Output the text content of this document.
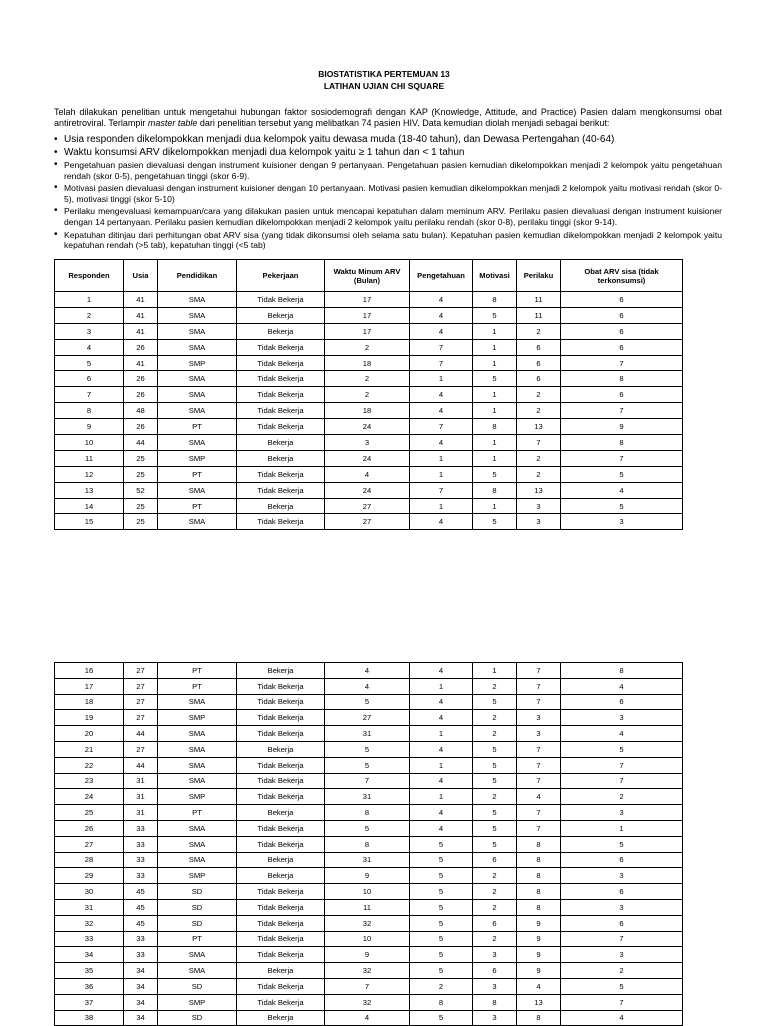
BIOSTATISTIKA PERTEMUAN 13
LATIHAN UJIAN CHI SQUARE
Telah dilakukan penelitian untuk mengetahui hubungan faktor sosiodemografi dengan KAP (Knowledge, Attitude, and Practice) Pasien dalam mengkonsumsi obat antiretroviral. Terlampir master table dari penelitian tersebut yang melibatkan 74 pasien HIV. Data kemudian diolah menjadi sebagai berikut:
• Usia responden dikelompokkan menjadi dua kelompok yaitu dewasa muda (18-40 tahun), dan Dewasa Pertengahan (40-64)
• Waktu konsumsi ARV dikelompokkan menjadi dua kelompok yaitu ≥ 1 tahun dan < 1 tahun
• Pengetahuan pasien dievaluasi dengan instrument kuisioner dengan 9 pertanyaan. Pengetahuan pasien kemudian dikelompokkan menjadi 2 kelompok yaitu pengetahuan rendah (skor 0-5), pengetahuan tinggi (skor 6-9).
• Motivasi pasien dievaluasi dengan instrument kuisioner dengan 10 pertanyaan. Motivasi pasien kemudian dikelompokkan menjadi 2 kelompok yaitu motivasi rendah (skor 0-5), motivasi tinggi (skor 5-10)
• Perilaku mengevaluasi kemampuan/cara yang dilakukan pasien untuk mencapai kepatuhan dalam meminum ARV. Perilaku pasien dievaluasi dengan instrument kuisioner dengan 14 pertanyaan. Perilaku pasien kemudian dikelompokkan menjadi 2 kelompok yaitu perilaku rendah (skor 0-8), perilaku tinggi (skor 9-14).
• Kepatuhan ditinjau dari perhitungan obat ARV sisa (yang tidak dikonsumsi oleh selama satu bulan). Kepatuhan pasien kemudian dikelompokkan menjadi 2 kelompok yaitu kepatuhan rendah (>5 tab), kepatuhan tinggi (<5 tab)
Responden	Usia	Pendidikan	Pekerjaan	Waktu Minum ARV (Bulan)	Pengetahuan	Motivasi	Perilaku	Obat ARV sisa (tidak terkonsumsi)
1	41	SMA	Tidak Bekerja	17	4	8	11	6
2	41	SMA	Bekerja	17	4	5	11	6
3	41	SMA	Bekerja	17	4	1	2	6
4	26	SMA	Tidak Bekerja	2	7	1	6	6
5	41	SMP	Tidak Bekerja	18	7	1	6	7
6	26	SMA	Tidak Bekerja	2	1	5	6	8
7	26	SMA	Tidak Bekerja	2	4	1	2	6
8	48	SMA	Tidak Bekerja	18	4	1	2	7
9	26	PT	Tidak Bekerja	24	7	8	13	9
10	44	SMA	Bekerja	3	4	1	7	8
11	25	SMP	Bekerja	24	1	1	2	7
12	25	PT	Tidak Bekerja	4	1	5	2	5
13	52	SMA	Tidak Bekerja	24	7	8	13	4
14	25	PT	Bekerja	27	1	1	3	5
15	25	SMA	Tidak Bekerja	27	4	5	3	3
16	27	PT	Bekerja	4	4	1	7	8
17	27	PT	Tidak Bekerja	4	1	2	7	4
18	27	SMA	Tidak Bekerja	5	4	5	7	6
19	27	SMP	Tidak Bekerja	27	4	2	3	3
20	44	SMA	Tidak Bekerja	31	1	2	3	4
21	27	SMA	Bekerja	5	4	5	7	5
22	44	SMA	Tidak Bekerja	5	1	5	7	7
23	31	SMA	Tidak Bekerja	7	4	5	7	7
24	31	SMP	Tidak Bekerja	31	1	2	4	2
25	31	PT	Bekerja	8	4	5	7	3
26	33	SMA	Tidak Bekerja	5	4	5	7	1
27	33	SMA	Tidak Bekerja	8	5	5	8	5
28	33	SMA	Bekerja	31	5	6	8	6
29	33	SMP	Bekerja	9	5	2	8	3
30	45	SD	Tidak Bekerja	10	5	2	8	6
31	45	SD	Tidak Bekerja	11	5	2	8	3
32	45	SD	Tidak Bekerja	32	5	6	9	6
33	33	PT	Tidak Bekerja	10	5	2	9	7
34	33	SMA	Tidak Bekerja	9	5	3	9	3
35	34	SMA	Bekerja	32	5	6	9	2
36	34	SD	Tidak Bekerja	7	2	3	4	5
37	34	SMP	Tidak Bekerja	32	8	8	13	7
38	34	SD	Bekerja	4	5	3	8	4
